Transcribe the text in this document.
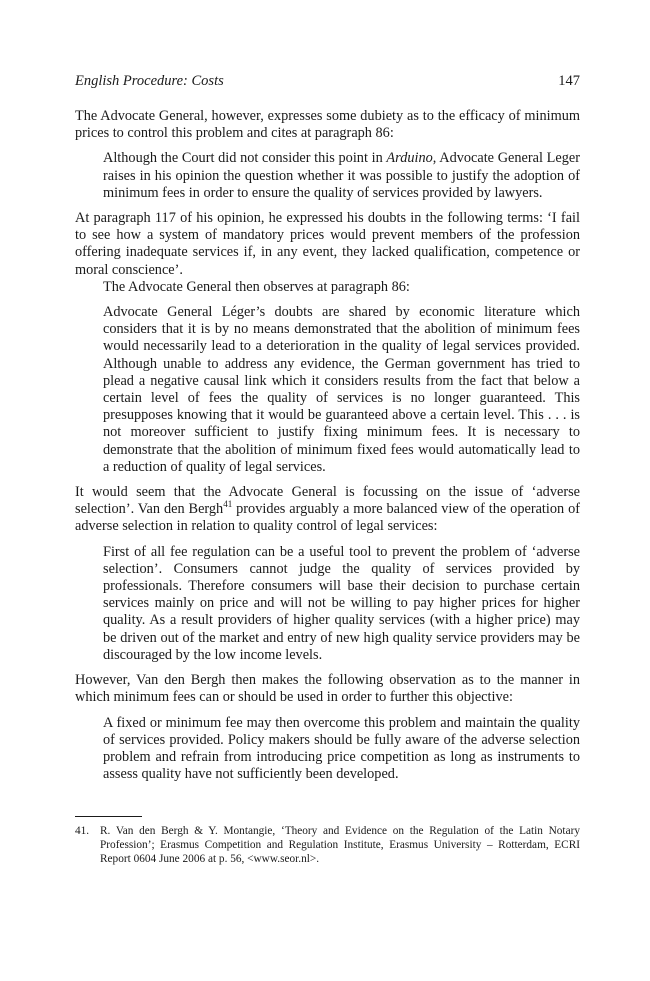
English Procedure: Costs	147

The Advocate General, however, expresses some dubiety as to the efficacy of minimum prices to control this problem and cites at paragraph 86:

Although the Court did not consider this point in Arduino, Advocate General Leger raises in his opinion the question whether it was possible to justify the adoption of minimum fees in order to ensure the quality of services provided by lawyers.

At paragraph 117 of his opinion, he expressed his doubts in the following terms: ‘I fail to see how a system of mandatory prices would prevent members of the profession offering inadequate services if, in any event, they lacked qualification, competence or moral conscience’.

The Advocate General then observes at paragraph 86:

Advocate General Léger’s doubts are shared by economic literature which considers that it is by no means demonstrated that the abolition of minimum fees would necessarily lead to a deterioration in the quality of legal services provided. Although unable to address any evidence, the German government has tried to plead a negative causal link which it considers results from the fact that below a certain level of fees the quality of services is no longer guaranteed. This presupposes knowing that it would be guaranteed above a certain level. This . . . is not moreover sufficient to justify fixing minimum fees. It is necessary to demonstrate that the abolition of minimum fixed fees would automatically lead to a reduction of quality of legal services.

It would seem that the Advocate General is focussing on the issue of ‘adverse selection’. Van den Bergh$^{41}$ provides arguably a more balanced view of the operation of adverse selection in relation to quality control of legal services:

First of all fee regulation can be a useful tool to prevent the problem of ‘adverse selection’. Consumers cannot judge the quality of services provided by professionals. Therefore consumers will base their decision to purchase certain services mainly on price and will not be willing to pay higher prices for higher quality. As a result providers of higher quality services (with a higher price) may be driven out of the market and entry of new high quality service providers may be discouraged by the low income levels.

However, Van den Bergh then makes the following observation as to the manner in which minimum fees can or should be used in order to further this objective:

A fixed or minimum fee may then overcome this problem and maintain the quality of services provided. Policy makers should be fully aware of the adverse selection problem and refrain from introducing price competition as long as instruments to assess quality have not sufficiently been developed.

41. R. Van den Bergh & Y. Montangie, ‘Theory and Evidence on the Regulation of the Latin Notary Profession’; Erasmus Competition and Regulation Institute, Erasmus University – Rotterdam, ECRI Report 0604 June 2006 at p. 56, <www.seor.nl>.
